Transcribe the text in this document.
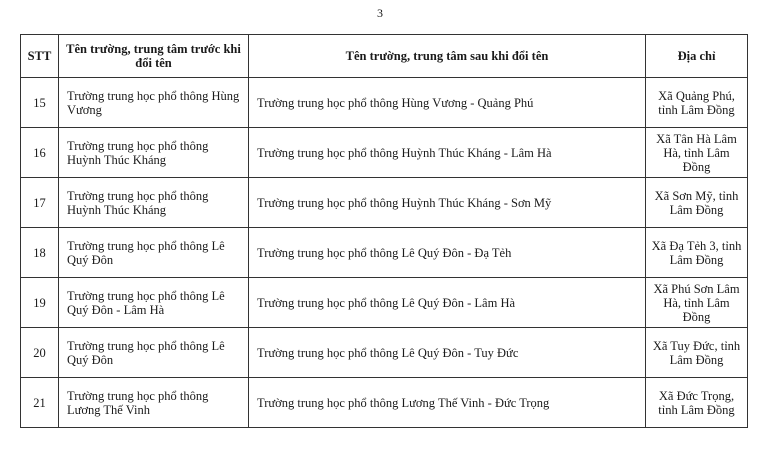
3
STT	Tên trường, trung tâm trước khi đổi tên	Tên trường, trung tâm sau khi đổi tên	Địa chỉ
15	Trường trung học phổ thông Hùng Vương	Trường trung học phổ thông Hùng Vương - Quảng Phú	Xã Quảng Phú, tỉnh Lâm Đồng
16	Trường trung học phổ thông Huỳnh Thúc Kháng	Trường trung học phổ thông Huỳnh Thúc Kháng - Lâm Hà	Xã Tân Hà Lâm Hà, tỉnh Lâm Đồng
17	Trường trung học phổ thông Huỳnh Thúc Kháng	Trường trung học phổ thông Huỳnh Thúc Kháng - Sơn Mỹ	Xã Sơn Mỹ, tỉnh Lâm Đồng
18	Trường trung học phổ thông Lê Quý Đôn	Trường trung học phổ thông Lê Quý Đôn - Đạ Tẻh	Xã Đạ Tẻh 3, tỉnh Lâm Đồng
19	Trường trung học phổ thông Lê Quý Đôn - Lâm Hà	Trường trung học phổ thông Lê Quý Đôn - Lâm Hà	Xã Phú Sơn Lâm Hà, tỉnh Lâm Đồng
20	Trường trung học phổ thông Lê Quý Đôn	Trường trung học phổ thông Lê Quý Đôn - Tuy Đức	Xã Tuy Đức, tỉnh Lâm Đồng
21	Trường trung học phổ thông Lương Thế Vinh	Trường trung học phổ thông Lương Thế Vinh - Đức Trọng	Xã Đức Trọng, tỉnh Lâm Đồng
